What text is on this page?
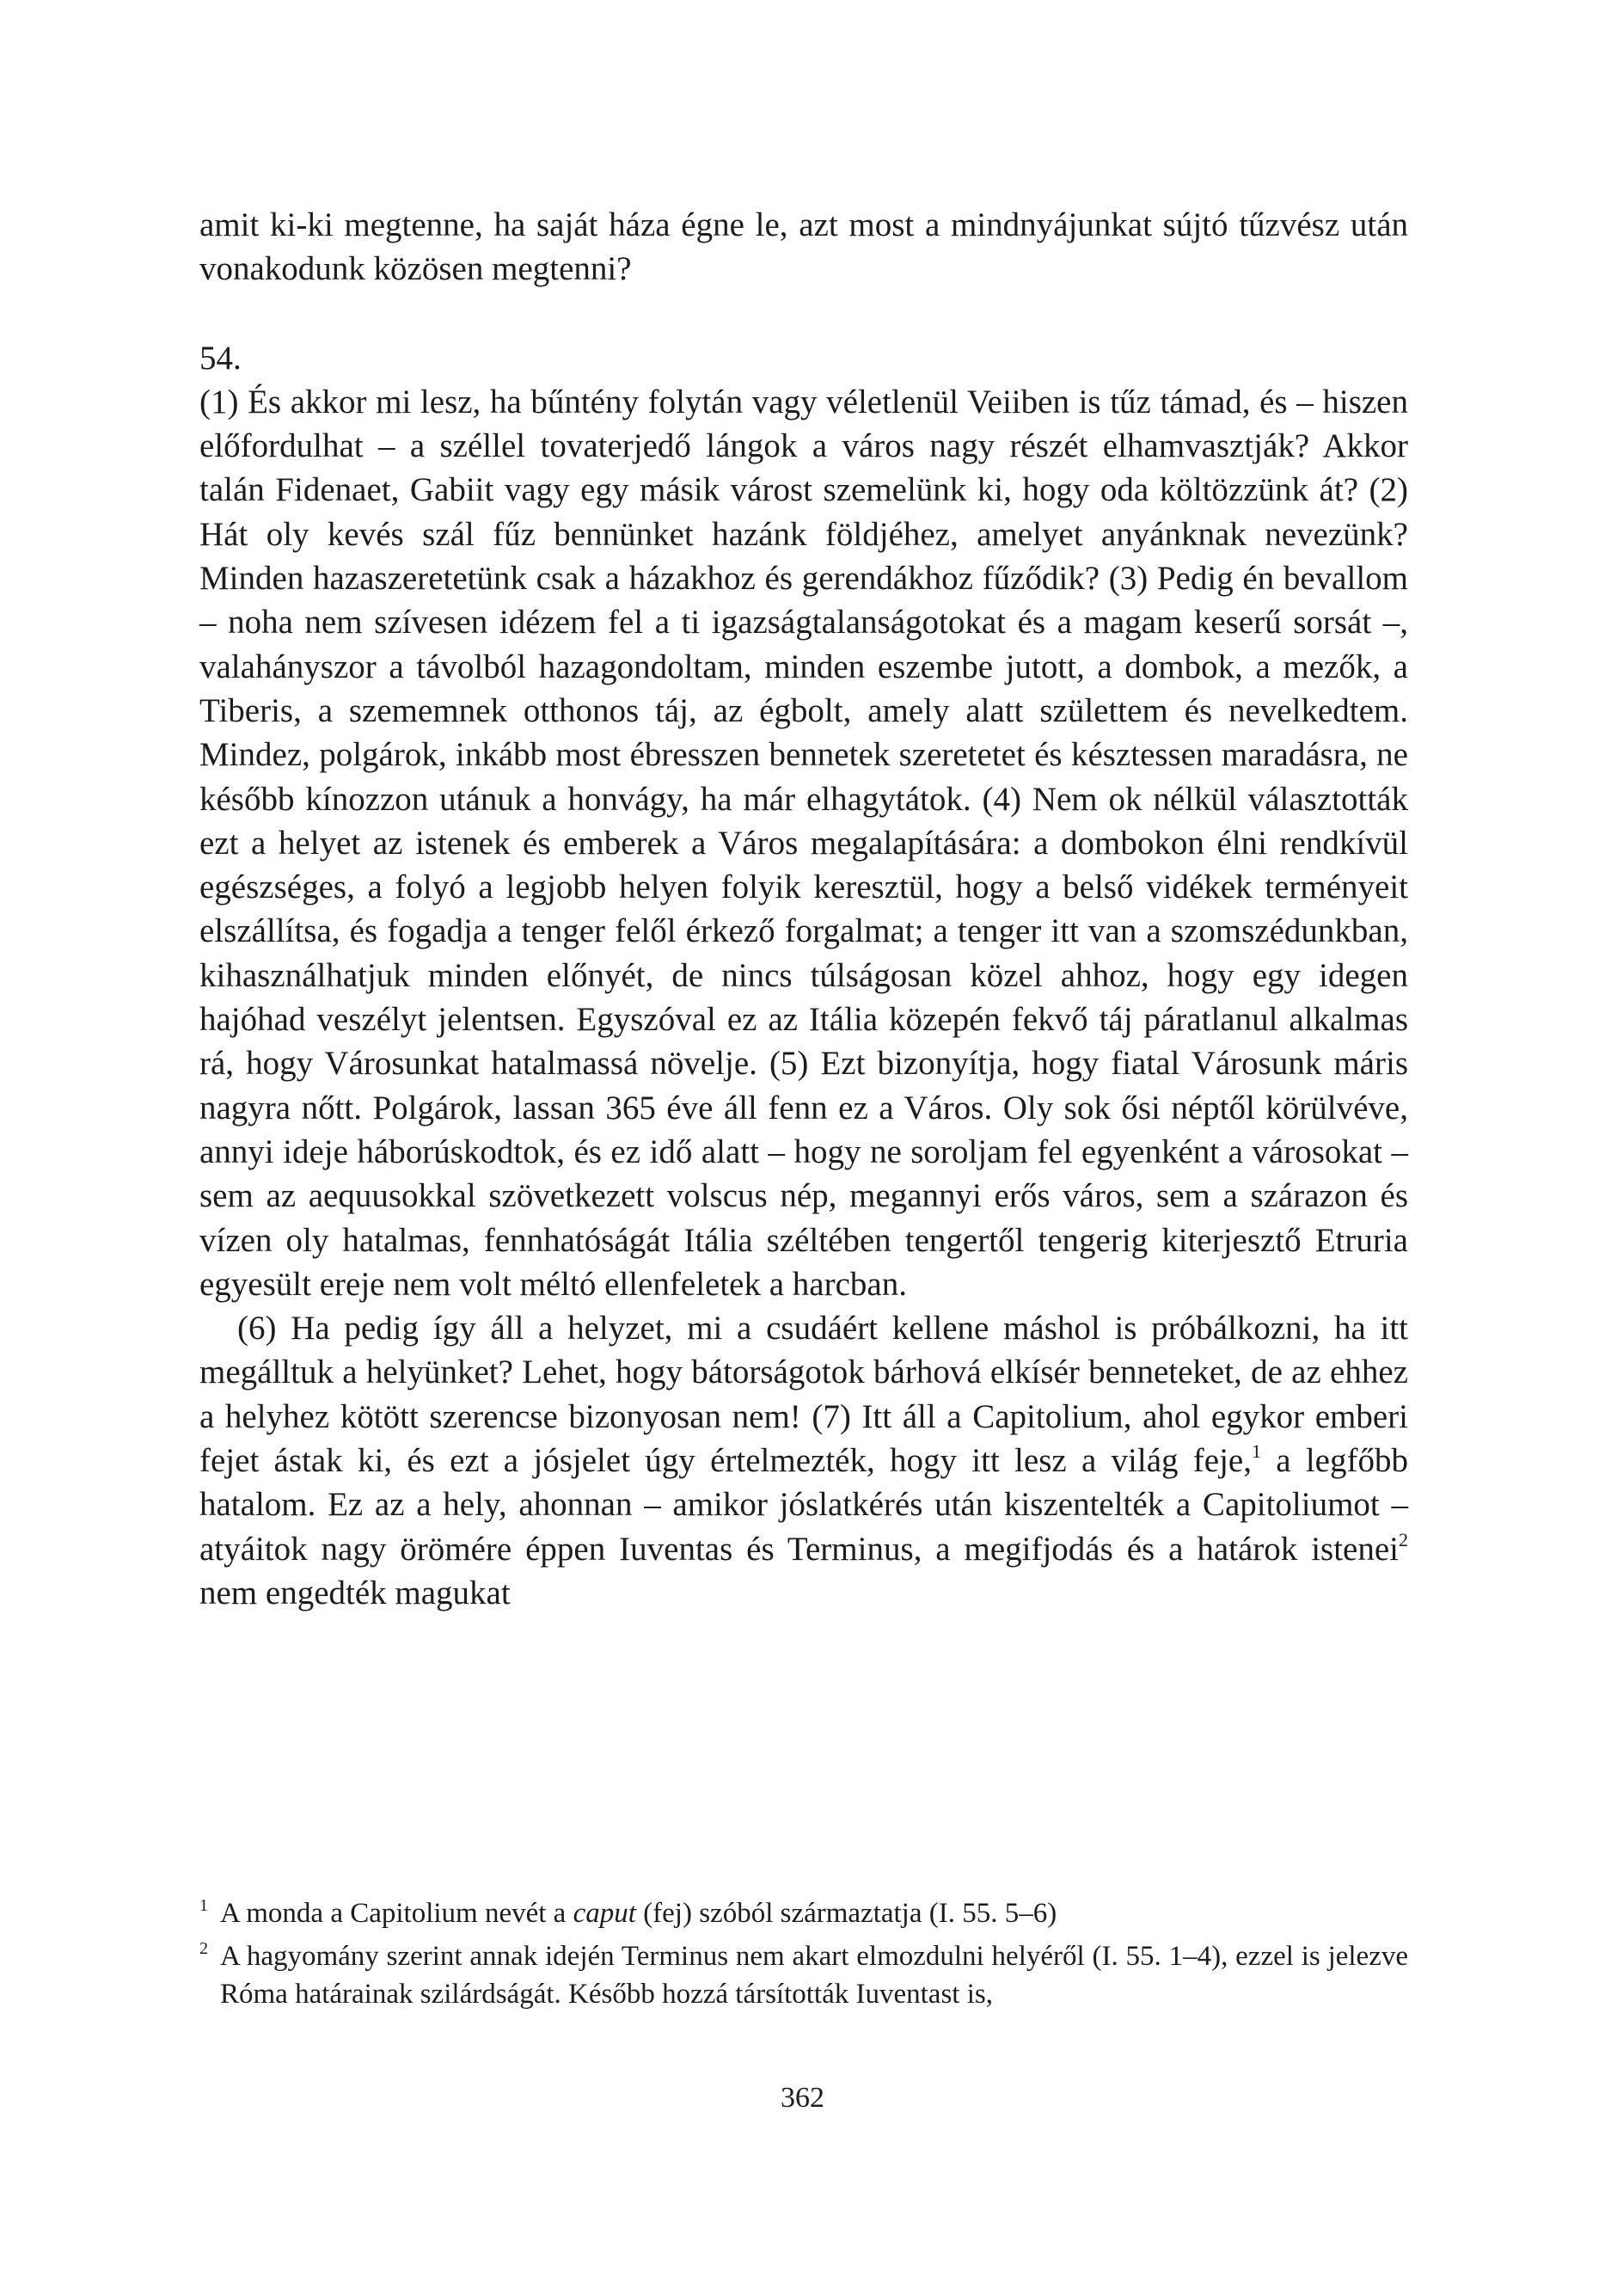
amit ki-ki megtenne, ha saját háza égne le, azt most a mindnyájunkat sújtó tűzvész után vonakodunk közösen megtenni?

54.

(1) És akkor mi lesz, ha bűntény folytán vagy véletlenül Veiiben is tűz támad, és – hiszen előfordulhat – a széllel tovaterjedő lángok a város nagy részét elhamvasztják? Akkor talán Fidenaet, Gabiit vagy egy másik várost szemelünk ki, hogy oda költözzünk át? (2) Hát oly kevés szál fűz bennünket hazánk földjéhez, amelyet anyánknak nevezünk? Minden hazaszeretetünk csak a házakhoz és gerendákhoz fűződik? (3) Pedig én bevallom – noha nem szívesen idézem fel a ti igazságtalanságotokat és a magam keserű sorsát –, valahányszor a távolból hazagondoltam, minden eszembe jutott, a dombok, a mezők, a Tiberis, a szememnek otthonos táj, az égbolt, amely alatt születtem és nevelkedtem. Mindez, polgárok, inkább most ébresszen bennetek szeretetet és késztessen maradásra, ne később kínozzon utánuk a honvágy, ha már elhagytátok. (4) Nem ok nélkül választották ezt a helyet az istenek és emberek a Város megalapítására: a dombokon élni rendkívül egészséges, a folyó a legjobb helyen folyik keresztül, hogy a belső vidékek terményeit elszállítsa, és fogadja a tenger felől érkező forgalmat; a tenger itt van a szomszédunkban, kihasználhatjuk minden előnyét, de nincs túlságosan közel ahhoz, hogy egy idegen hajóhad veszélyt jelentsen. Egyszóval ez az Itália közepén fekvő táj páratlanul alkalmas rá, hogy Városunkat hatalmassá növelje. (5) Ezt bizonyítja, hogy fiatal Városunk máris nagyra nőtt. Polgárok, lassan 365 éve áll fenn ez a Város. Oly sok ősi néptől körülvéve, annyi ideje háborúskodtok, és ez idő alatt – hogy ne soroljam fel egyenként a városokat – sem az aequusokkal szövetkezett volscus nép, megannyi erős város, sem a szárazon és vízen oly hatalmas, fennhatóságát Itália széltében tengertől tengerig kiterjesztő Etruria egyesült ereje nem volt méltó ellenfeletek a harcban.

(6) Ha pedig így áll a helyzet, mi a csudáért kellene máshol is próbálkozni, ha itt megálltuk a helyünket? Lehet, hogy bátorságotok bárhová elkísér benneteket, de az ehhez a helyhez kötött szerencse bizonyosan nem! (7) Itt áll a Capitolium, ahol egykor emberi fejet ástak ki, és ezt a jósjelet úgy értelmezték, hogy itt lesz a világ feje,$^1$ a legfőbb hatalom. Ez az a hely, ahonnan – amikor jóslatkérés után kiszentelték a Capitoliumot – atyáitok nagy örömére éppen Iuventas és Terminus, a megifjodás és a határok istenei$^2$ nem engedték magukat

1 A monda a Capitolium nevét a caput (fej) szóból származtatja (I. 55. 5–6)

2 A hagyomány szerint annak idején Terminus nem akart elmozdulni helyéről (I. 55. 1–4), ezzel is jelezve Róma határainak szilárdságát. Később hozzá társították Iuventast is,

362
